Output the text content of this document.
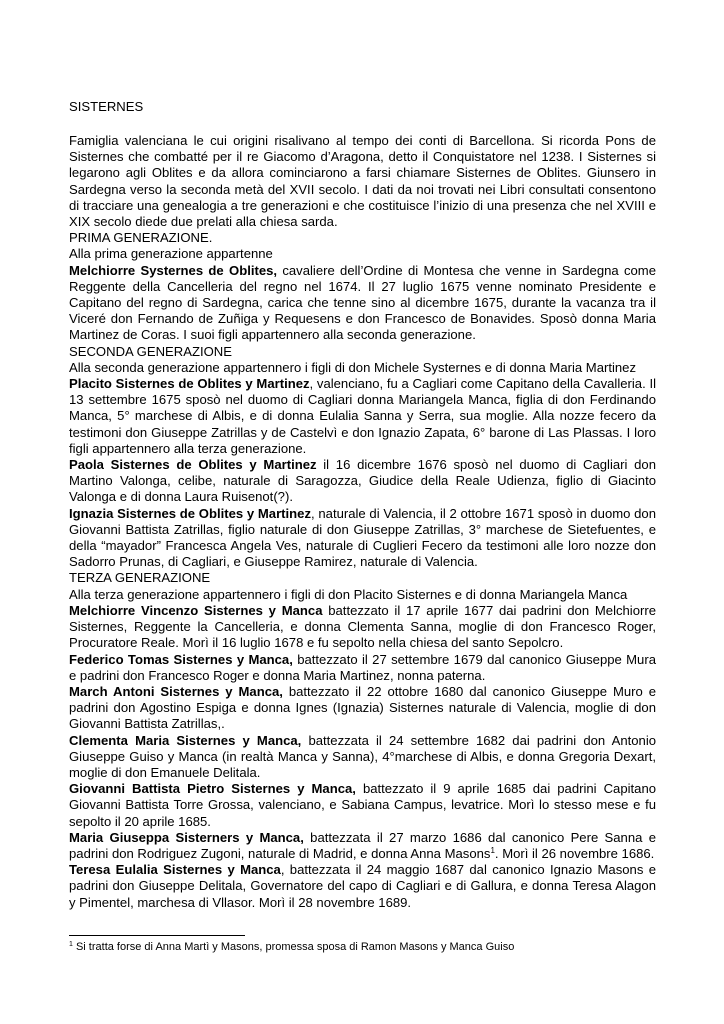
SISTERNES

Famiglia valenciana le cui origini risalivano al tempo dei conti di Barcellona. Si ricorda Pons de Sisternes che combatté per il re Giacomo d’Aragona, detto il Conquistatore nel 1238. I Sisternes si legarono agli Oblites e da allora cominciarono a farsi chiamare Sisternes de Oblites. Giunsero in Sardegna verso la seconda metà del XVII secolo. I dati da noi trovati nei Libri consultati consentono di tracciare una genealogia a tre generazioni e che costituisce l’inizio di una presenza che nel XVIII e XIX secolo diede due prelati alla chiesa sarda.

PRIMA GENERAZIONE.

Alla prima generazione appartenne

Melchiorre Systernes de Oblites, cavaliere dell’Ordine di Montesa che venne in Sardegna come Reggente della Cancelleria del regno nel 1674. Il 27 luglio 1675 venne nominato Presidente e Capitano del regno di Sardegna, carica che tenne sino al dicembre 1675, durante la vacanza tra il Viceré don Fernando de Zuñiga y Requesens e don Francesco de Bonavides. Sposò donna Maria Martinez de Coras. I suoi figli appartennero alla seconda generazione.

SECONDA GENERAZIONE

Alla seconda generazione appartennero i figli di don Michele Systernes e di donna Maria Martinez

Placito Sisternes de Oblites y Martinez, valenciano, fu a Cagliari come Capitano della Cavalleria. Il 13 settembre 1675 sposò nel duomo di Cagliari donna Mariangela Manca, figlia di don Ferdinando Manca, 5° marchese di Albis, e di donna Eulalia Sanna y Serra, sua moglie. Alla nozze fecero da testimoni don Giuseppe Zatrillas y de Castelvì e don Ignazio Zapata, 6° barone di Las Plassas. I loro figli appartennero alla terza generazione.

Paola Sisternes de Oblites y Martinez il 16 dicembre 1676 sposò nel duomo di Cagliari don Martino Valonga, celibe, naturale di Saragozza, Giudice della Reale Udienza, figlio di Giacinto Valonga e di donna Laura Ruisenot(?).

Ignazia Sisternes de Oblites y Martinez, naturale di Valencia, il 2 ottobre 1671 sposò in duomo don Giovanni Battista Zatrillas, figlio naturale di don Giuseppe Zatrillas, 3° marchese de Sietefuentes, e della “mayador” Francesca Angela Ves, naturale di Cuglieri Fecero da testimoni alle loro nozze don Sadorro Prunas, di Cagliari, e Giuseppe Ramirez, naturale di Valencia.

TERZA GENERAZIONE

Alla terza generazione appartennero i figli di don Placito Sisternes e di donna Mariangela Manca

Melchiorre Vincenzo Sisternes y Manca battezzato il 17 aprile 1677 dai padrini don Melchiorre Sisternes, Reggente la Cancelleria, e donna Clementa Sanna, moglie di don Francesco Roger, Procuratore Reale. Morì il 16 luglio 1678 e fu sepolto nella chiesa del santo Sepolcro.

Federico Tomas Sisternes y Manca, battezzato il 27 settembre 1679 dal canonico Giuseppe Mura e padrini don Francesco Roger e donna Maria Martinez, nonna paterna.

March Antoni Sisternes y Manca, battezzato il 22 ottobre 1680 dal canonico Giuseppe Muro e padrini don Agostino Espiga e donna Ignes (Ignazia) Sisternes naturale di Valencia, moglie di don Giovanni Battista Zatrillas,.

Clementa Maria Sisternes y Manca, battezzata il 24 settembre 1682 dai padrini don Antonio Giuseppe Guiso y Manca (in realtà Manca y Sanna), 4°marchese di Albis, e donna Gregoria Dexart, moglie di don Emanuele Delitala.

Giovanni Battista Pietro Sisternes y Manca, battezzato il 9 aprile 1685 dai padrini Capitano Giovanni Battista Torre Grossa, valenciano, e Sabiana Campus, levatrice. Morì lo stesso mese e fu sepolto il 20 aprile 1685.

Maria Giuseppa Sisterners y Manca, battezzata il 27 marzo 1686 dal canonico Pere Sanna e padrini don Rodriguez Zugoni, naturale di Madrid, e donna Anna Masons$^1$. Morì il 26 novembre 1686.

Teresa Eulalia Sisternes y Manca, battezzata il 24 maggio 1687 dal canonico Ignazio Masons e padrini don Giuseppe Delitala, Governatore del capo di Cagliari e di Gallura, e donna Teresa Alagon y Pimentel, marchesa di Vllasor. Morì il 28 novembre 1689.

$^1$ Si tratta forse di Anna Martì y Masons, promessa sposa di Ramon Masons y Manca Guiso
